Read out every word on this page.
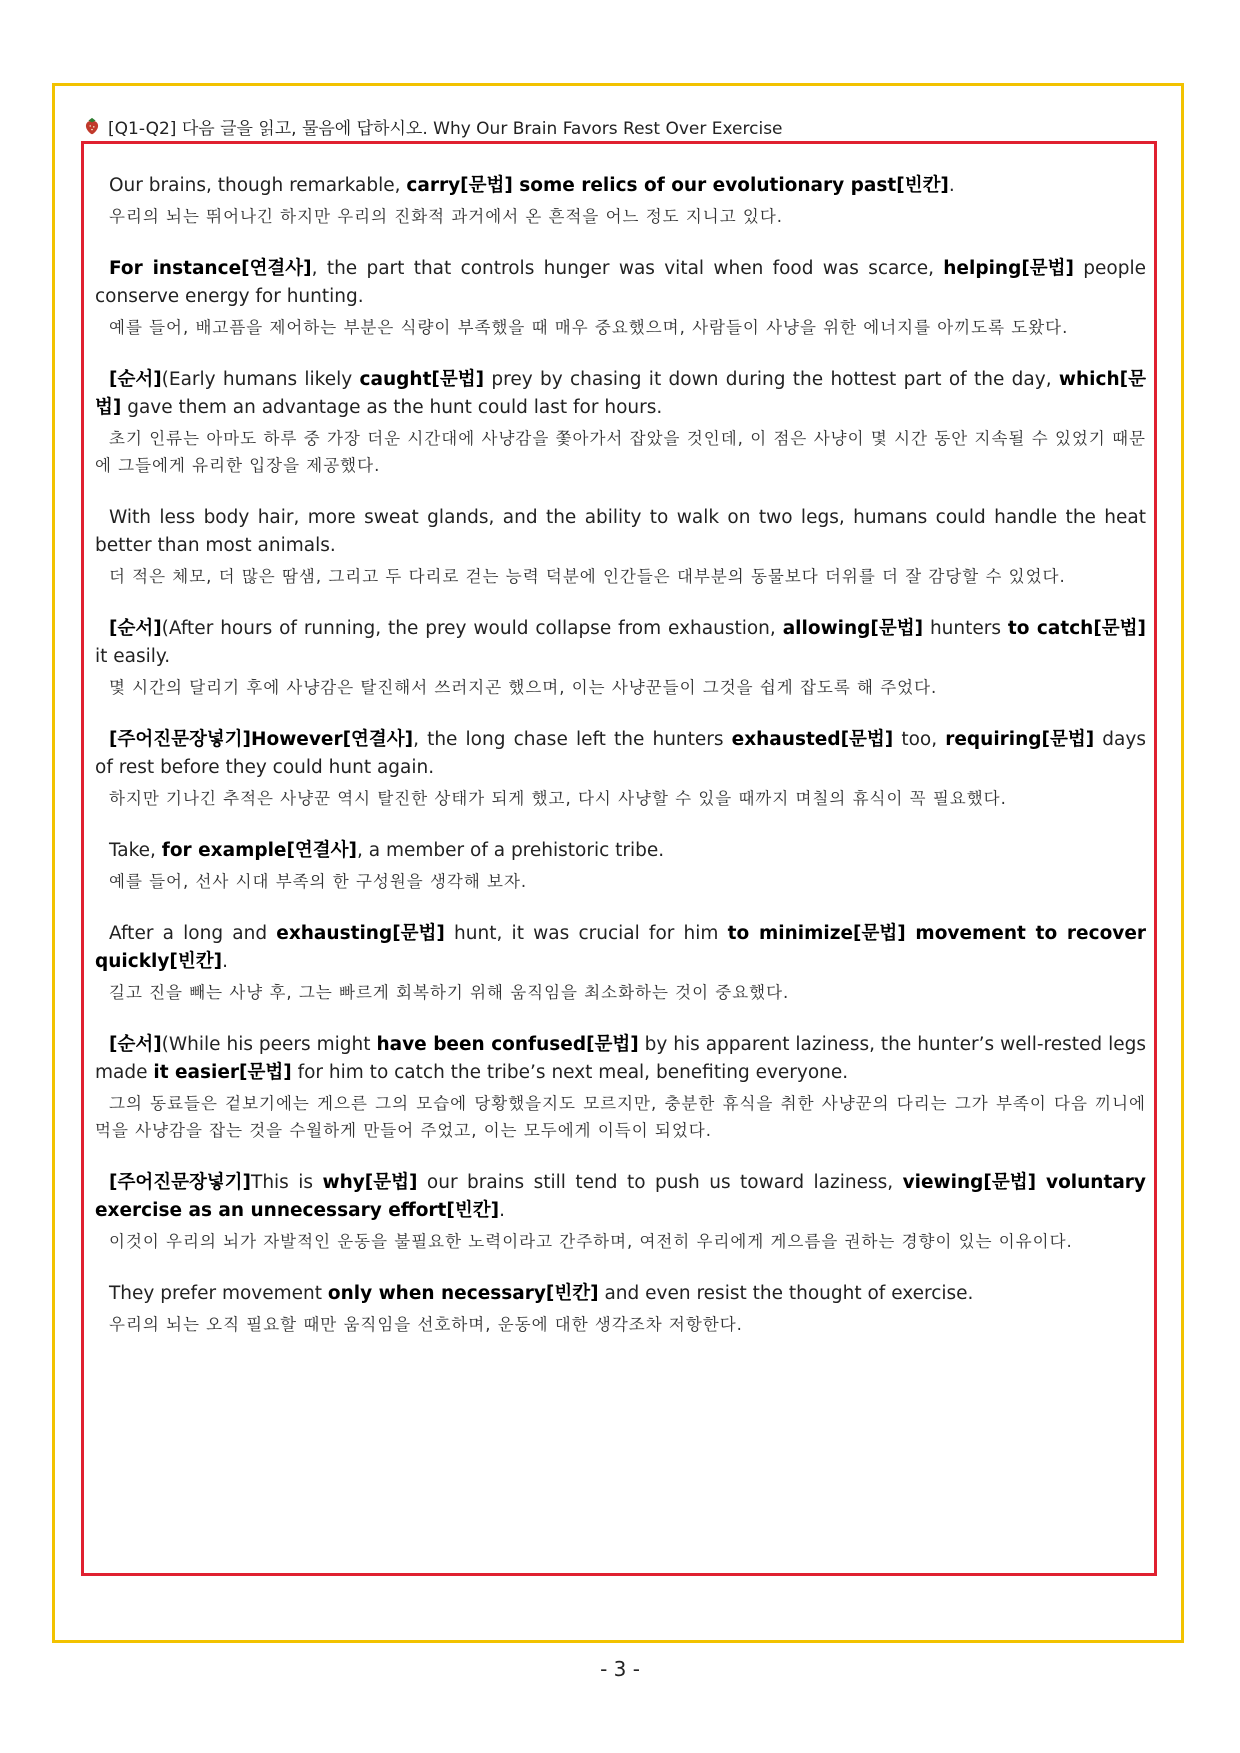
[Q1-Q2] 다음 글을 읽고, 물음에 답하시오. Why Our Brain Favors Rest Over Exercise
Our brains, though remarkable, carry[문법] some relics of our evolutionary past[빈칸].
우리의 뇌는 뛰어나긴 하지만 우리의 진화적 과거에서 온 흔적을 어느 정도 지니고 있다.
For instance[연결사], the part that controls hunger was vital when food was scarce, helping[문법] people conserve energy for hunting.
예를 들어, 배고픔을 제어하는 부분은 식량이 부족했을 때 매우 중요했으며, 사람들이 사냥을 위한 에너지를 아끼도록 도왔다.
[순서](Early humans likely caught[문법] prey by chasing it down during the hottest part of the day, which[문법] gave them an advantage as the hunt could last for hours.
초기 인류는 아마도 하루 중 가장 더운 시간대에 사냥감을 쫓아가서 잡았을 것인데, 이 점은 사냥이 몇 시간 동안 지속될 수 있었기 때문에 그들에게 유리한 입장을 제공했다.
With less body hair, more sweat glands, and the ability to walk on two legs, humans could handle the heat better than most animals.
더 적은 체모, 더 많은 땀샘, 그리고 두 다리로 걷는 능력 덕분에 인간들은 대부분의 동물보다 더위를 더 잘 감당할 수 있었다.
[순서](After hours of running, the prey would collapse from exhaustion, allowing[문법] hunters to catch[문법] it easily.
몇 시간의 달리기 후에 사냥감은 탈진해서 쓰러지곤 했으며, 이는 사냥꾼들이 그것을 쉽게 잡도록 해 주었다.
[주어진문장넣기]However[연결사], the long chase left the hunters exhausted[문법] too, requiring[문법] days of rest before they could hunt again.
하지만 기나긴 추적은 사냥꾼 역시 탈진한 상태가 되게 했고, 다시 사냥할 수 있을 때까지 며칠의 휴식이 꼭 필요했다.
Take, for example[연결사], a member of a prehistoric tribe.
예를 들어, 선사 시대 부족의 한 구성원을 생각해 보자.
After a long and exhausting[문법] hunt, it was crucial for him to minimize[문법] movement to recover quickly[빈칸].
길고 진을 빼는 사냥 후, 그는 빠르게 회복하기 위해 움직임을 최소화하는 것이 중요했다.
[순서](While his peers might have been confused[문법] by his apparent laziness, the hunter’s well-rested legs made it easier[문법] for him to catch the tribe’s next meal, benefiting everyone.
그의 동료들은 겉보기에는 게으른 그의 모습에 당황했을지도 모르지만, 충분한 휴식을 취한 사냥꾼의 다리는 그가 부족이 다음 끼니에 먹을 사냥감을 잡는 것을 수월하게 만들어 주었고, 이는 모두에게 이득이 되었다.
[주어진문장넣기]This is why[문법] our brains still tend to push us toward laziness, viewing[문법] voluntary exercise as an unnecessary effort[빈칸].
이것이 우리의 뇌가 자발적인 운동을 불필요한 노력이라고 간주하며, 여전히 우리에게 게으름을 권하는 경향이 있는 이유이다.
They prefer movement only when necessary[빈칸] and even resist the thought of exercise.
우리의 뇌는 오직 필요할 때만 움직임을 선호하며, 운동에 대한 생각조차 저항한다.
- 3 -
